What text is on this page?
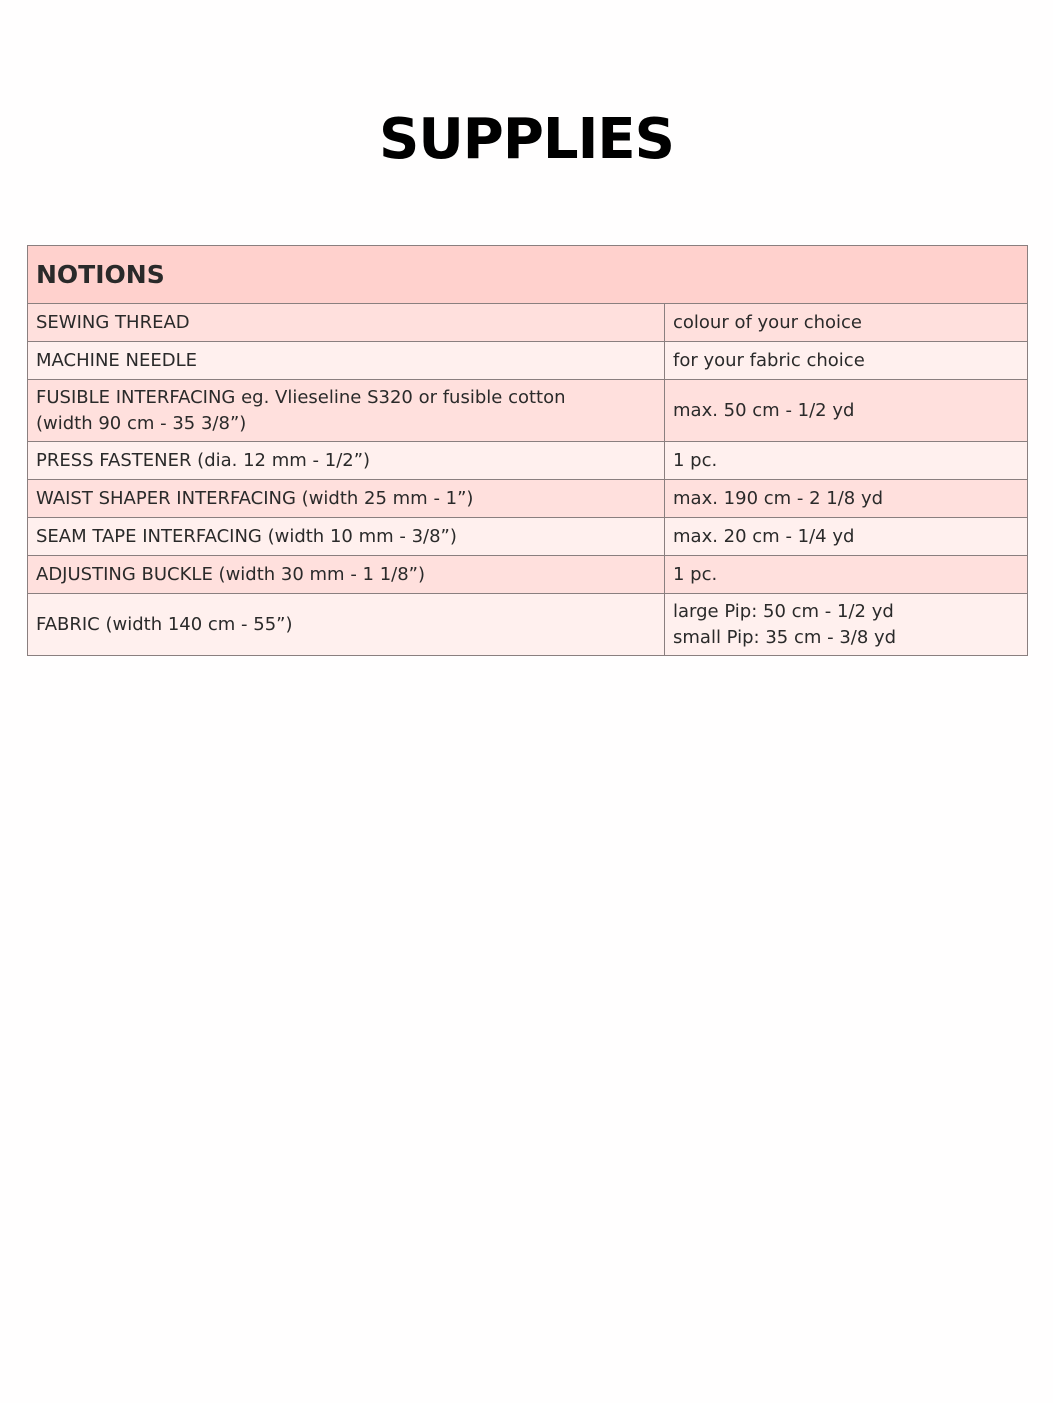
SUPPLIES
NOTIONS	
SEWING THREAD	colour of your choice
MACHINE NEEDLE	for your fabric choice
FUSIBLE INTERFACING eg. Vlieseline S320 or fusible cotton
(width 90 cm - 35 3/8”)	max. 50 cm - 1/2 yd
PRESS FASTENER (dia. 12 mm - 1/2”)	1 pc.
WAIST SHAPER INTERFACING (width 25 mm - 1”)	max. 190 cm - 2 1/8 yd
SEAM TAPE INTERFACING (width 10 mm - 3/8”)	max. 20 cm - 1/4 yd
ADJUSTING BUCKLE (width 30 mm - 1 1/8”)	1 pc.
FABRIC (width 140 cm - 55”)	large Pip: 50 cm - 1/2 yd
small Pip: 35 cm - 3/8 yd
